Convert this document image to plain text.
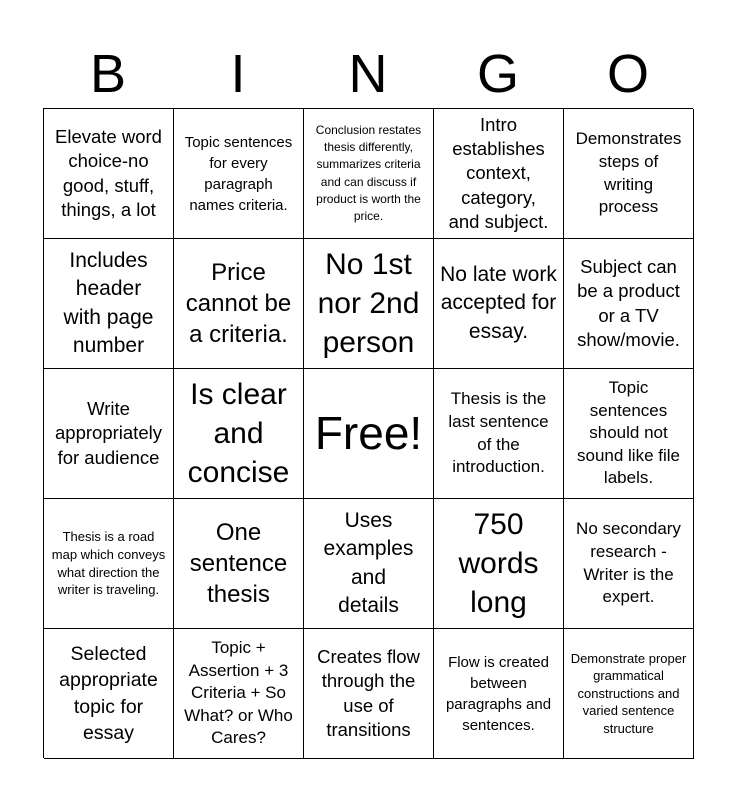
B	I	N	G	O
Elevate word choice-no good, stuff, things, a lot
Topic sentences for every paragraph names criteria.
Conclusion restates thesis differently, summarizes criteria and can discuss if product is worth the price.
Intro establishes context, category, and subject.
Demonstrates steps of writing process
Includes header with page number
Price cannot be a criteria.
No 1st nor 2nd person
No late work accepted for essay.
Subject can be a product or a TV show/movie.
Write appropriately for audience
Is clear and concise
Free!
Thesis is the last sentence of the introduction.
Topic sentences should not sound like file labels.
Thesis is a road map which conveys what direction the writer is traveling.
One sentence thesis
Uses examples and details
750 words long
No secondary research - Writer is the expert.
Selected appropriate topic for essay
Topic + Assertion + 3 Criteria + So What? or Who Cares?
Creates flow through the use of transitions
Flow is created between paragraphs and sentences.
Demonstrate proper grammatical constructions and varied sentence structure
